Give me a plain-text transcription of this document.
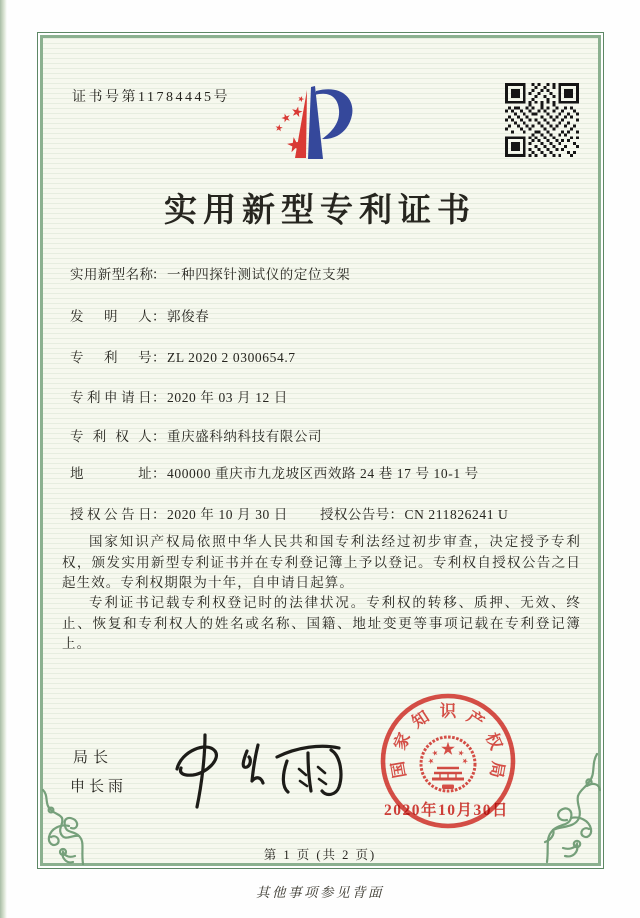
证书号第11784445号
实用新型专利证书
实用新型名称：一种四探针测试仪的定位支架
发　明　人：郭俊春
专　利　号：ZL 2020 2 0300654.7
专利申请日：2020 年 03 月 12 日
专 利 权 人：重庆盛科纳科技有限公司
地　　　址：400000 重庆市九龙坡区西效路 24 巷 17 号 10-1 号
授权公告日：2020 年 10 月 30 日 授权公告号：CN 211826241 U
国家知识产权局依照中华人民共和国专利法经过初步审查，决定授予专利权，颁发实用新型专利证书并在专利登记簿上予以登记。专利权自授权公告之日起生效。专利权期限为十年，自申请日起算。
专利证书记载专利权登记时的法律状况。专利权的转移、质押、无效、终止、恢复和专利权人的姓名或名称、国籍、地址变更等事项记载在专利登记簿上。
局长
申长雨
国
家
知 识 产
权
局
2020年10月30日
第 1 页 (共 2 页)
其他事项参见背面
